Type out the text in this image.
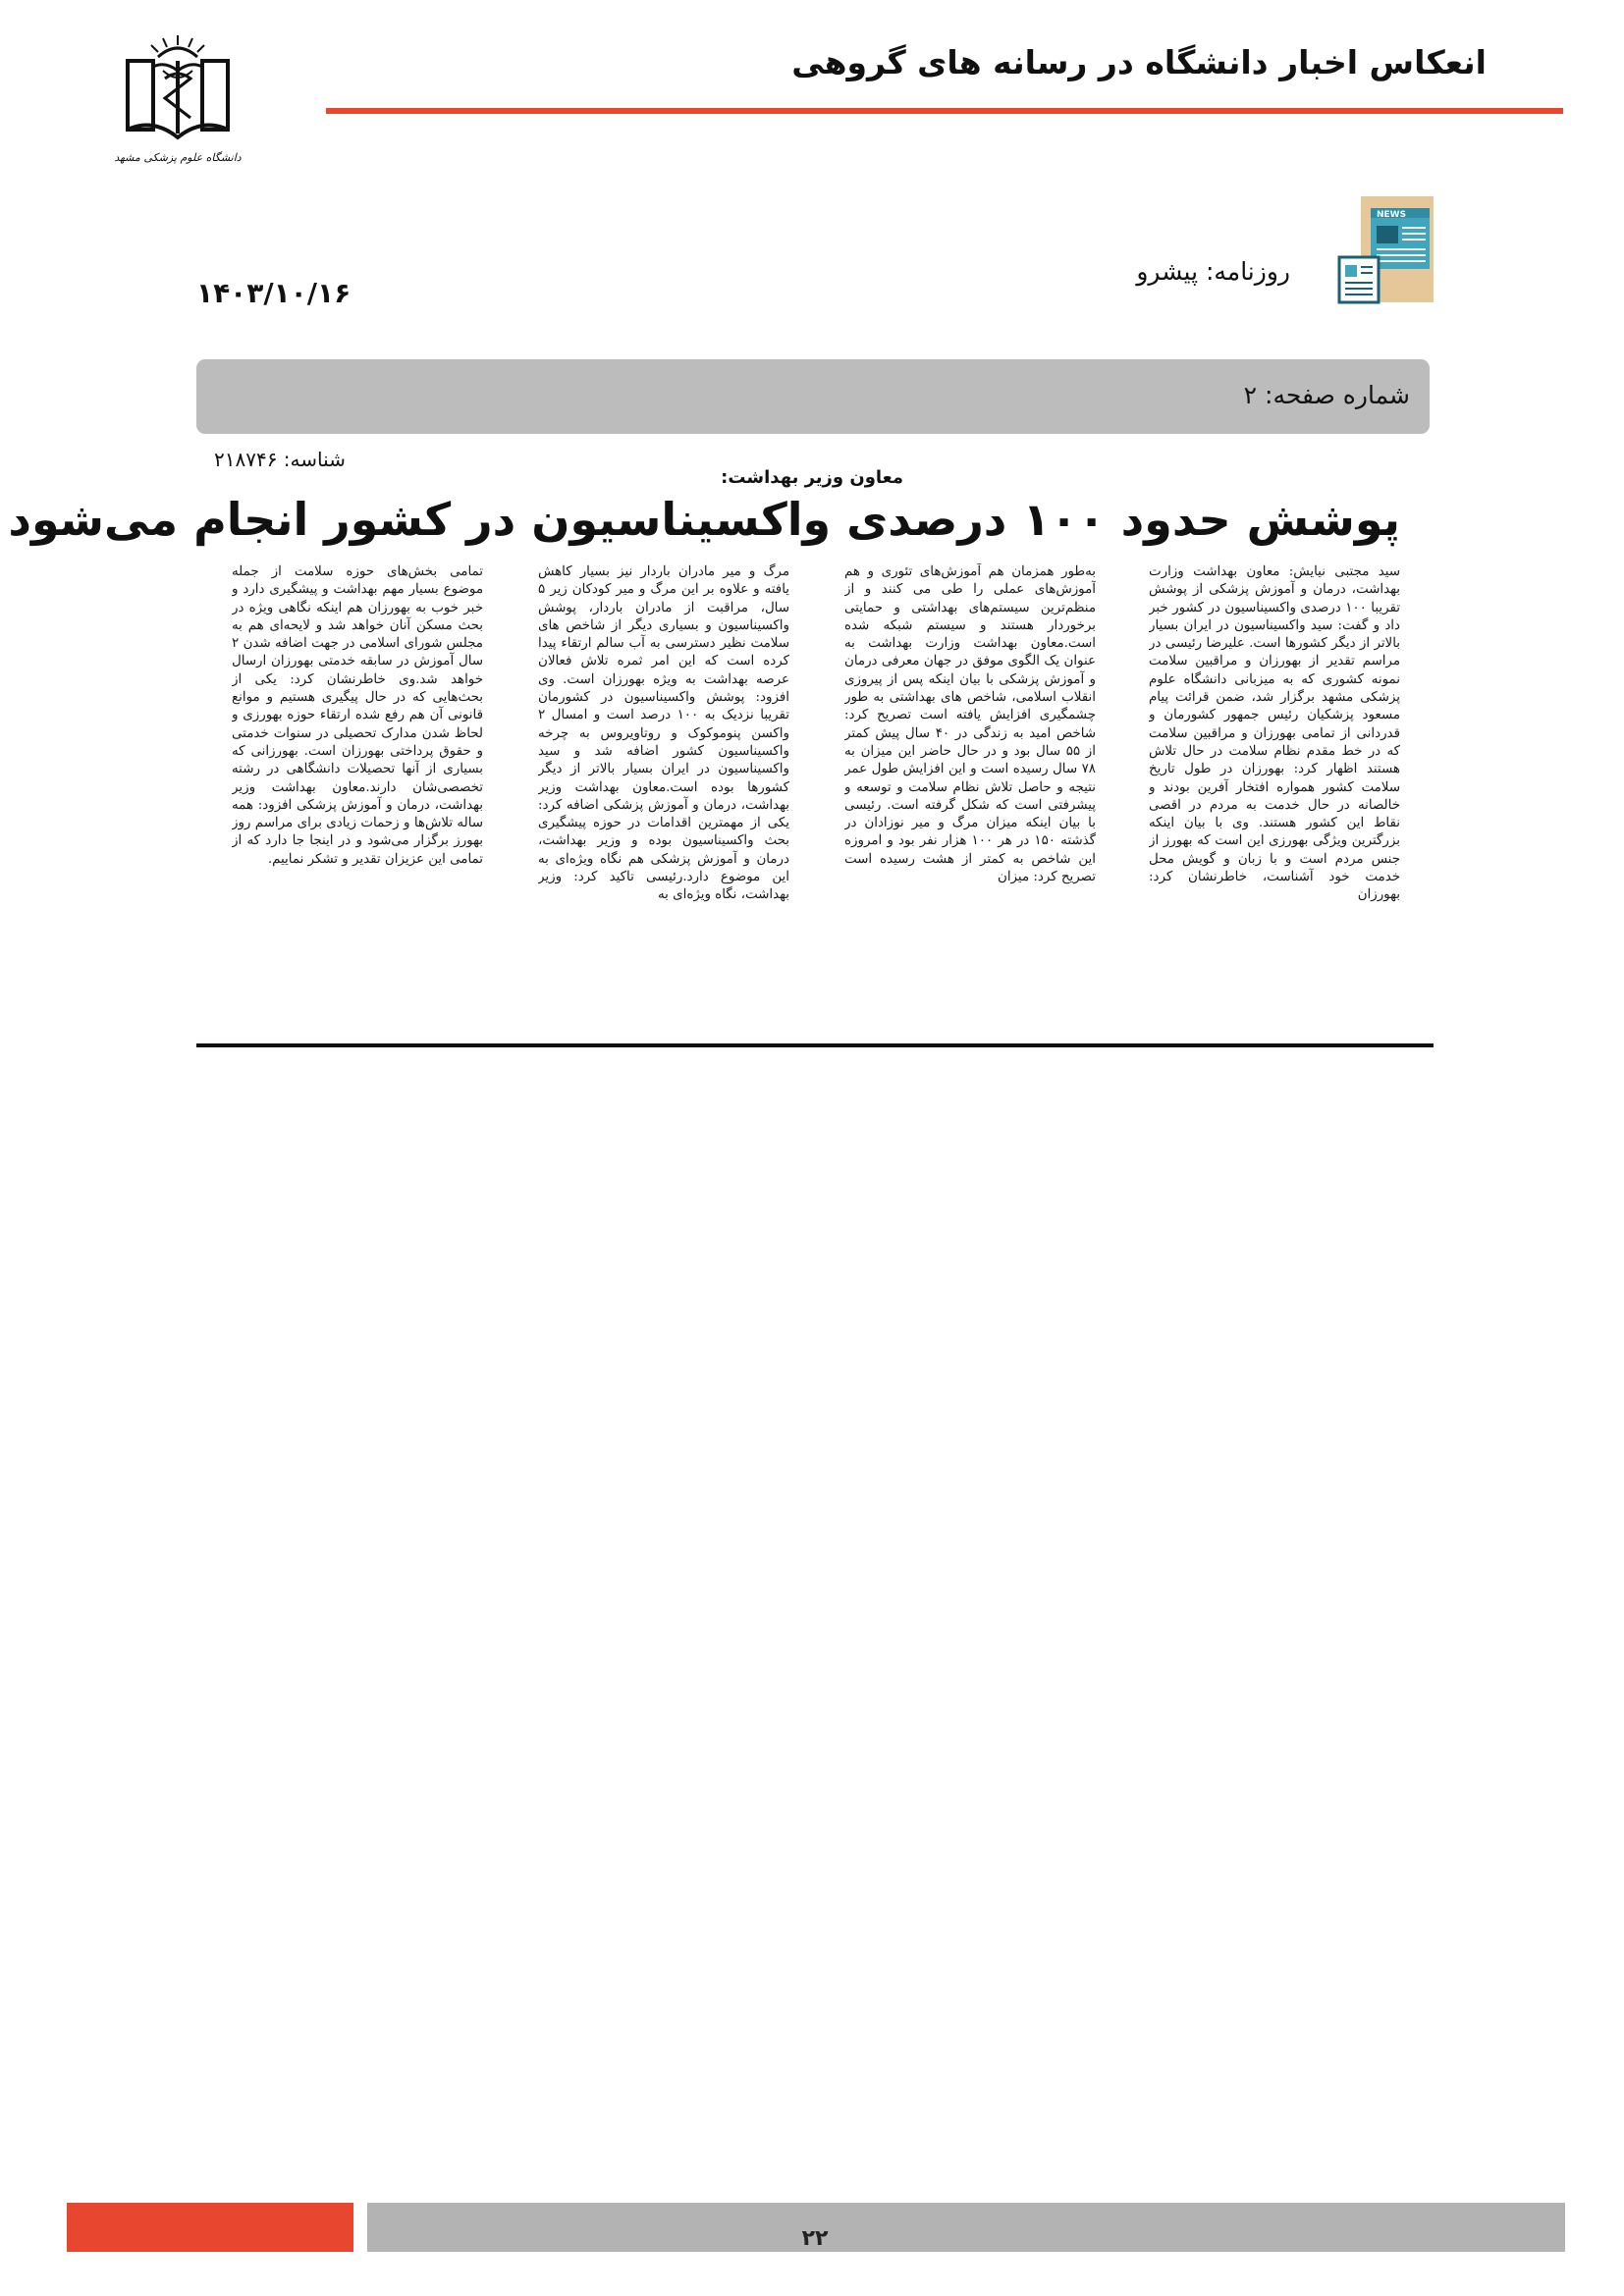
انعکاس اخبار دانشگاه در رسانه های گروهی
دانشگاه علوم پزشکی مشهد
NEWS
روزنامه: پیشرو
۱۴۰۳/۱۰/۱۶
شماره صفحه: ۲
شناسه: ۲۱۸۷۴۶
معاون وزیر بهداشت:
پوشش حدود ۱۰۰ درصدی واکسیناسیون در کشور انجام می‌شود
سید مجتبی نیایش: معاون بهداشت وزارت بهداشت، درمان و آموزش پزشکی از پوشش تقریبا ۱۰۰ درصدی واکسیناسیون در کشور خبر داد و گفت: سید واکسیناسیون در ایران بسیار بالاتر از دیگر کشورها است. علیرضا رئیسی در مراسم تقدیر از بهورزان و مراقبین سلامت نمونه کشوری که به میزبانی دانشگاه علوم پزشکی مشهد برگزار شد، ضمن قرائت پیام مسعود پزشکیان رئیس جمهور کشورمان و قدردانی از تمامی بهورزان و مراقبین سلامت که در خط مقدم نظام سلامت در حال تلاش هستند اظهار کرد: بهورزان در طول تاریخ سلامت کشور همواره افتخار آفرین بودند و خالصانه در حال خدمت به مردم در اقصی نقاط این کشور هستند. وی با بیان اینکه بزرگترین ویژگی بهورزی این است که بهورز از جنس مردم است و با زبان و گویش محل خدمت خود آشناست، خاطرنشان کرد: بهورزان
به‌طور همزمان هم آموزش‌های تئوری و هم آموزش‌های عملی را طی می کنند و از منظم‌ترین سیستم‌های بهداشتی و حمایتی برخوردار هستند و سیستم شبکه شده است.معاون بهداشت وزارت بهداشت به عنوان یک الگوی موفق در جهان معرفی درمان و آموزش پزشکی با بیان اینکه پس از پیروزی انقلاب اسلامی، شاخص های بهداشتی به طور چشمگیری افزایش یافته است تصریح کرد: شاخص امید به زندگی در ۴۰ سال پیش کمتر از ۵۵ سال بود و در حال حاضر این میزان به ۷۸ سال رسیده است و این افزایش طول عمر نتیجه و حاصل تلاش نظام سلامت و توسعه و پیشرفتی است که شکل گرفته است. رئیسی با بیان اینکه میزان مرگ و میر نوزادان در گذشته ۱۵۰ در هر ۱۰۰ هزار نفر بود و امروزه این شاخص به کمتر از هشت رسیده است تصریح کرد: میزان
مرگ و میر مادران باردار نیز بسیار کاهش یافته و علاوه بر این مرگ و میر کودکان زیر ۵ سال، مراقبت از مادران باردار، پوشش واکسیناسیون و بسیاری دیگر از شاخص های سلامت نظیر دسترسی به آب سالم ارتقاء پیدا کرده است که این امر ثمره تلاش فعالان عرصه بهداشت به ویژه بهورزان است. وی افزود: پوشش واکسیناسیون در کشورمان تقریبا نزدیک به ۱۰۰ درصد است و امسال ۲ واکسن پنوموکوک و روتاویروس به چرخه واکسیناسیون کشور اضافه شد و سید واکسیناسیون در ایران بسیار بالاتر از دیگر کشورها بوده است.معاون بهداشت وزیر بهداشت، درمان و آموزش پزشکی اضافه کرد: یکی از مهمترین اقدامات در حوزه پیشگیری بحث واکسیناسیون بوده و وزیر بهداشت، درمان و آموزش پزشکی هم نگاه ویژه‌ای به این موضوع دارد.رئیسی تاکید کرد: وزیر بهداشت، نگاه ویژه‌ای به
تمامی بخش‌های حوزه سلامت از جمله موضوع بسیار مهم بهداشت و پیشگیری دارد و خبر خوب به بهورزان هم اینکه نگاهی ویژه در بحث مسکن آنان خواهد شد و لایحه‌ای هم به مجلس شورای اسلامی در جهت اضافه شدن ۲ سال آموزش در سابقه خدمتی بهورزان ارسال خواهد شد.وی خاطرنشان کرد: یکی از بحث‌هایی که در حال پیگیری هستیم و موانع قانونی آن هم رفع شده ارتقاء حوزه بهورزی و لحاظ شدن مدارک تحصیلی در سنوات خدمتی و حقوق پرداختی بهورزان است. بهورزانی که بسیاری از آنها تحصیلات دانشگاهی در رشته تخصصی‌شان دارند.معاون بهداشت وزیر بهداشت، درمان و آموزش پزشکی افزود: همه ساله تلاش‌ها و زحمات زیادی برای مراسم روز بهورز برگزار می‌شود و در اینجا جا دارد که از تمامی این عزیزان تقدیر و تشکر نماییم.
۲۲
